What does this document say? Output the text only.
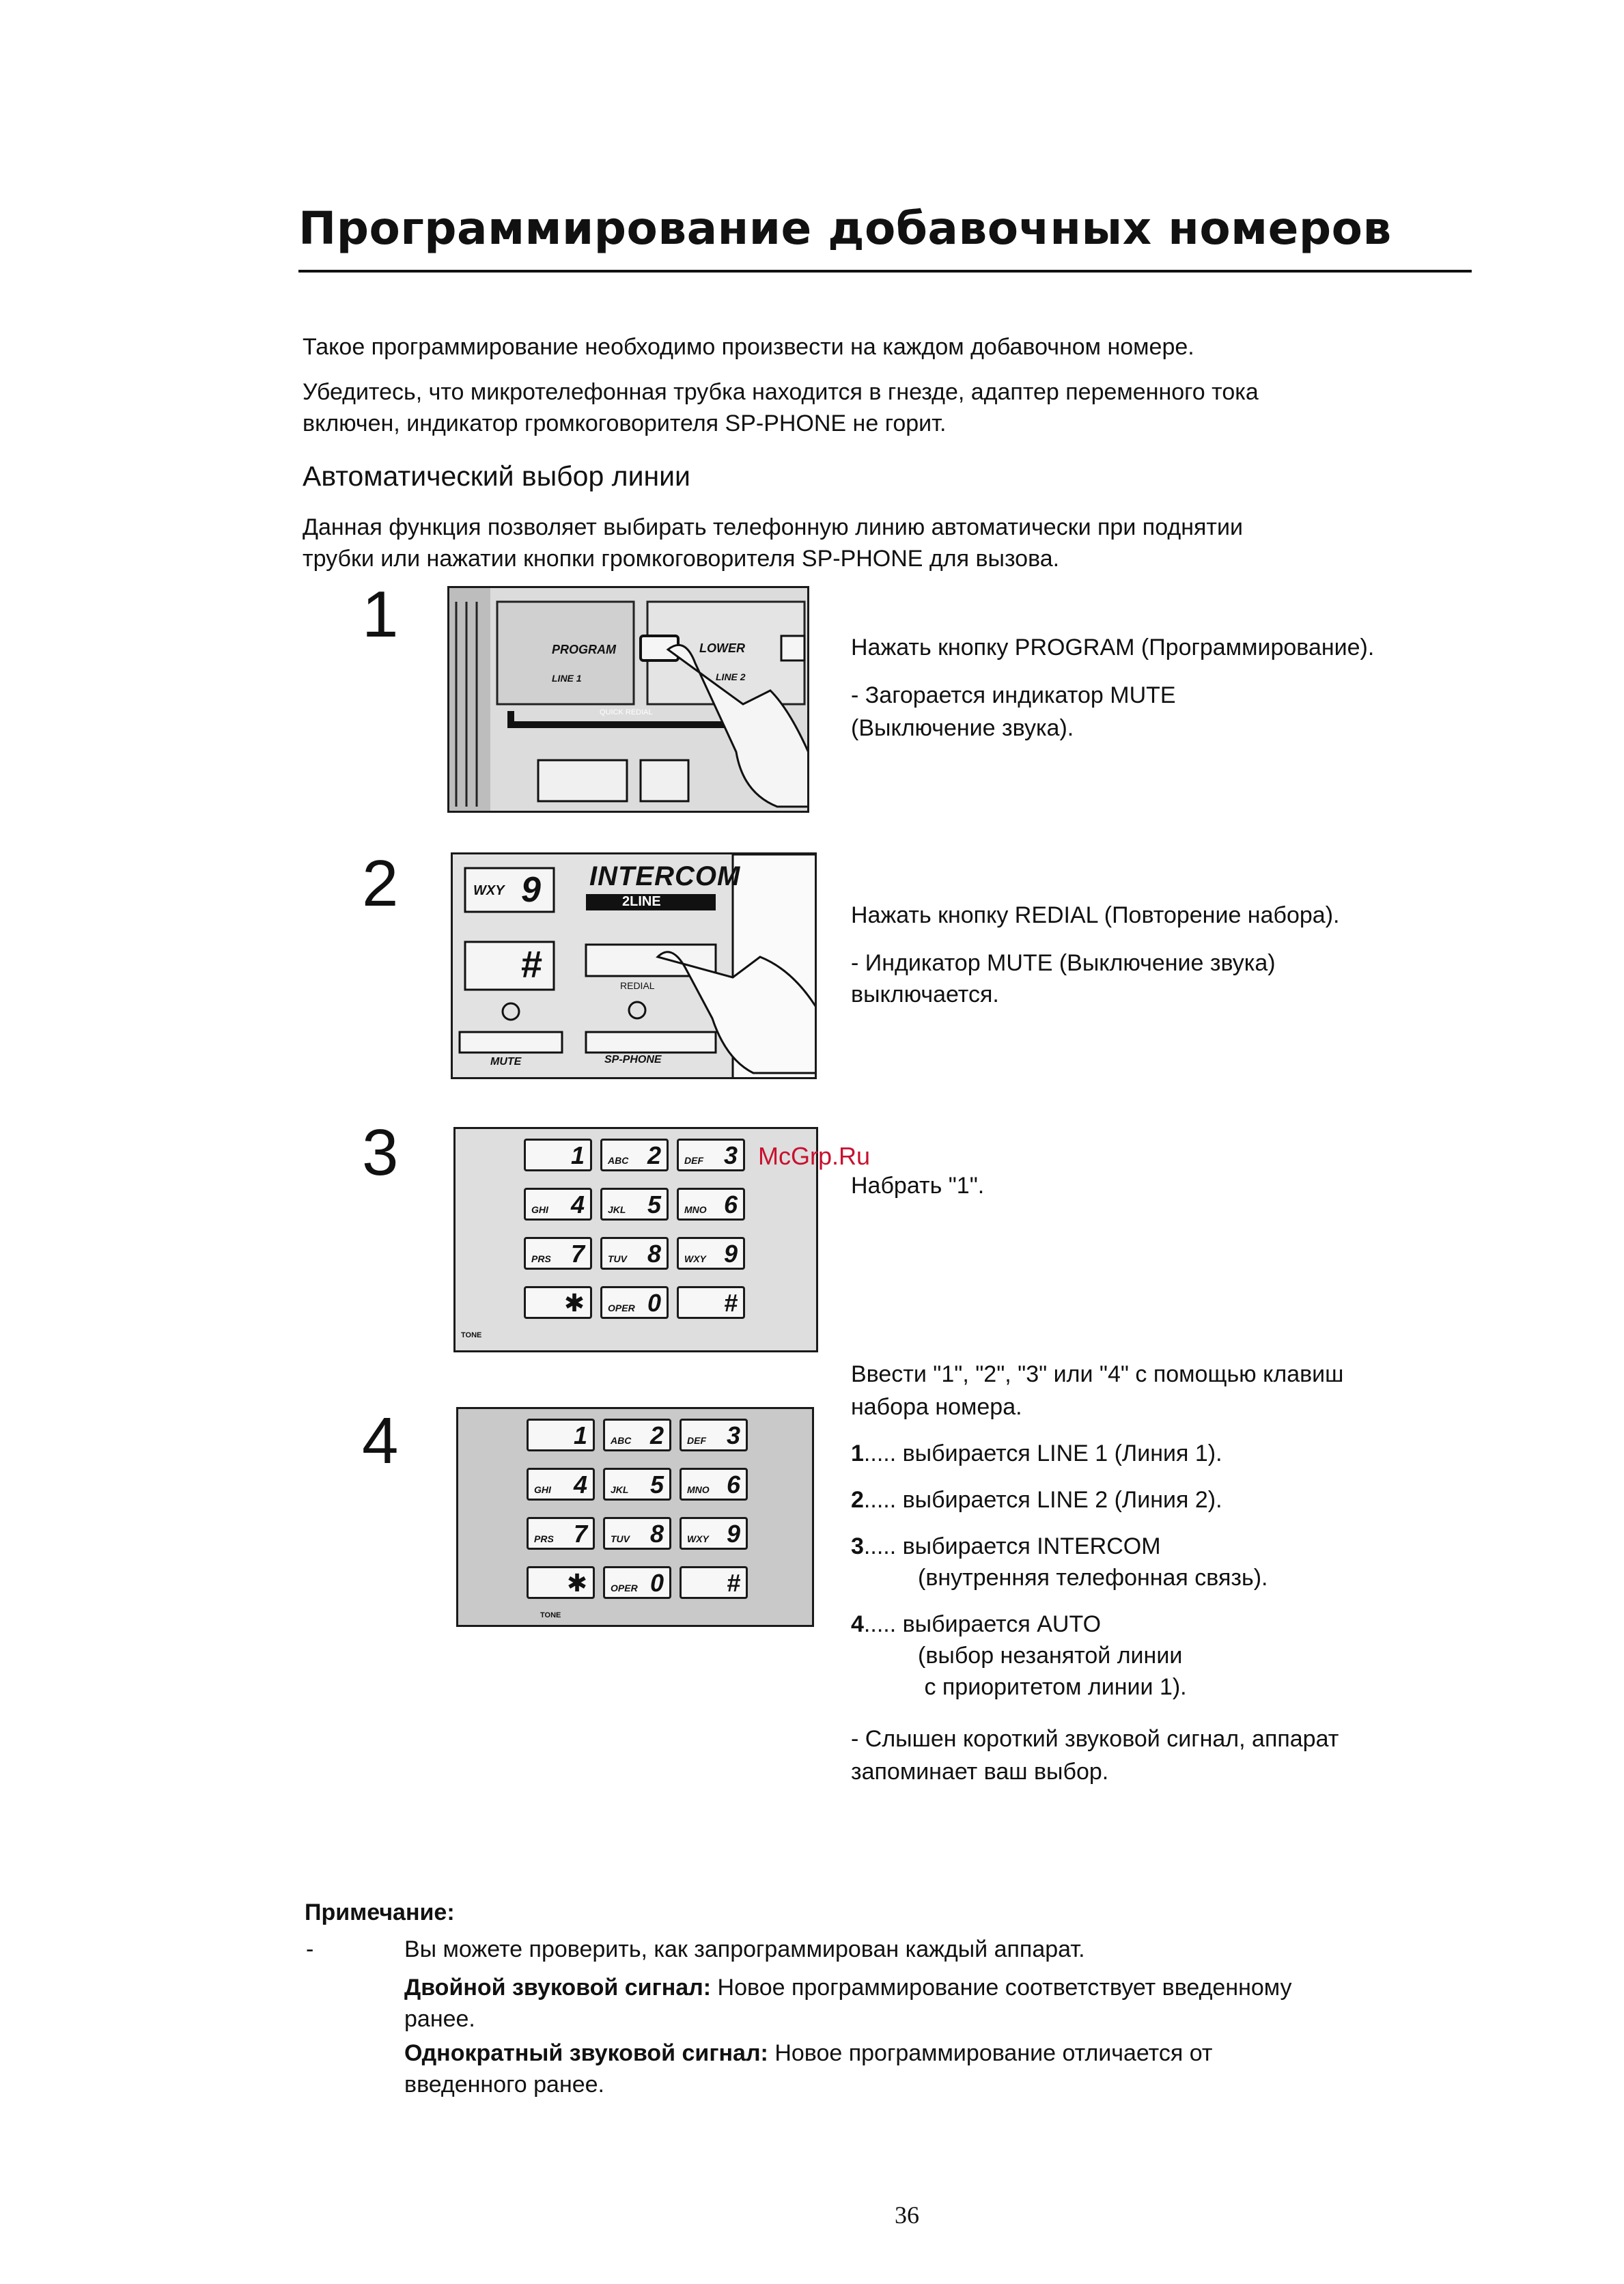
Программирование добавочных номеров
Такое программирование необходимо произвести на каждом добавочном номере.
Убедитесь, что микротелефонная трубка находится в гнезде, адаптер переменного тока
включен, индикатор громкоговорителя SP-PHONE не горит.
Автоматический выбор линии
Данная функция позволяет выбирать телефонную линию автоматически при поднятии
трубки или нажатии кнопки громкоговорителя SP-PHONE для вызова.
1
2
3
4
PROGRAM	LOWER
LINE 1	LINE 2
QUICK REDIAL
INTERCOM
2LINE
WXY 9
#	REDIAL
MUTE	SP-PHONE
TONE
1 ABC 2 DEF 3
GHI 4 JKL 5 MNO 6
PRS 7 TUV 8 WXY 9
✱ OPER 0	#
TONE
1 ABC 2 DEF 3
GHI 4 JKL 5 MNO 6
PRS 7 TUV 8 WXY 9
✱ OPER 0	#
McGrp.Ru
Нажать кнопку PROGRAM (Программирование).
- Загорается индикатор MUTE
(Выключение звука).
Нажать кнопку REDIAL (Повторение набора).
- Индикатор MUTE (Выключение звука)
выключается.
Набрать "1".
Ввести "1", "2", "3" или "4" с помощью клавиш
набора номера.
1..... выбирается LINE 1 (Линия 1).
2..... выбирается LINE 2 (Линия 2).
3..... выбирается INTERCOM
(внутренняя телефонная связь).
4..... выбирается AUTO
(выбор незанятой линии
с приоритетом линии 1).
- Слышен короткий звуковой сигнал, аппарат
запоминает ваш выбор.
Примечание:
-	Вы можете проверить, как запрограммирован каждый аппарат.
Двойной звуковой сигнал: Новое программирование соответствует введенному
ранее.
Однократный звуковой сигнал: Новое программирование отличается от
введенного ранее.
36
